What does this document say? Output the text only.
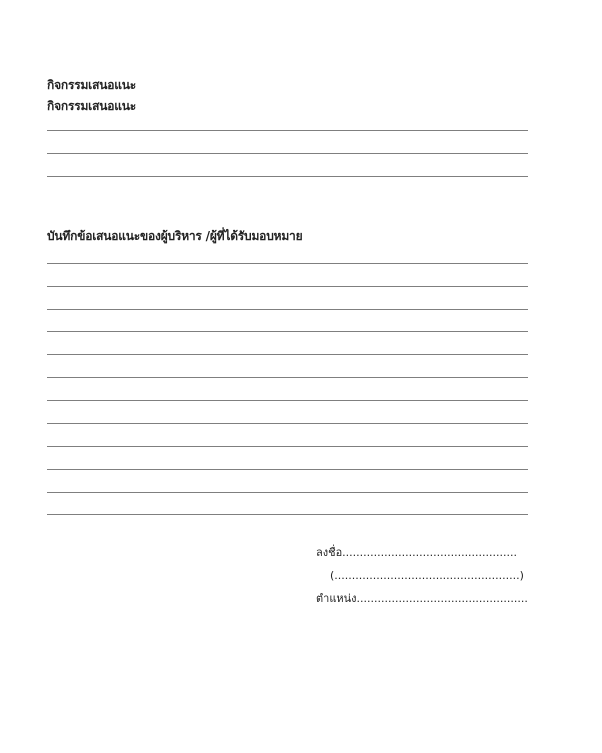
กิจกรรมเสนอแนะ
กิจกรรมเสนอแนะ
บันทึกข้อเสนอแนะของผู้บริหาร /ผู้ที่ได้รับมอบหมาย
ลงชื่อ..................................................
(.....................................................)
ตำแหน่ง.................................................
